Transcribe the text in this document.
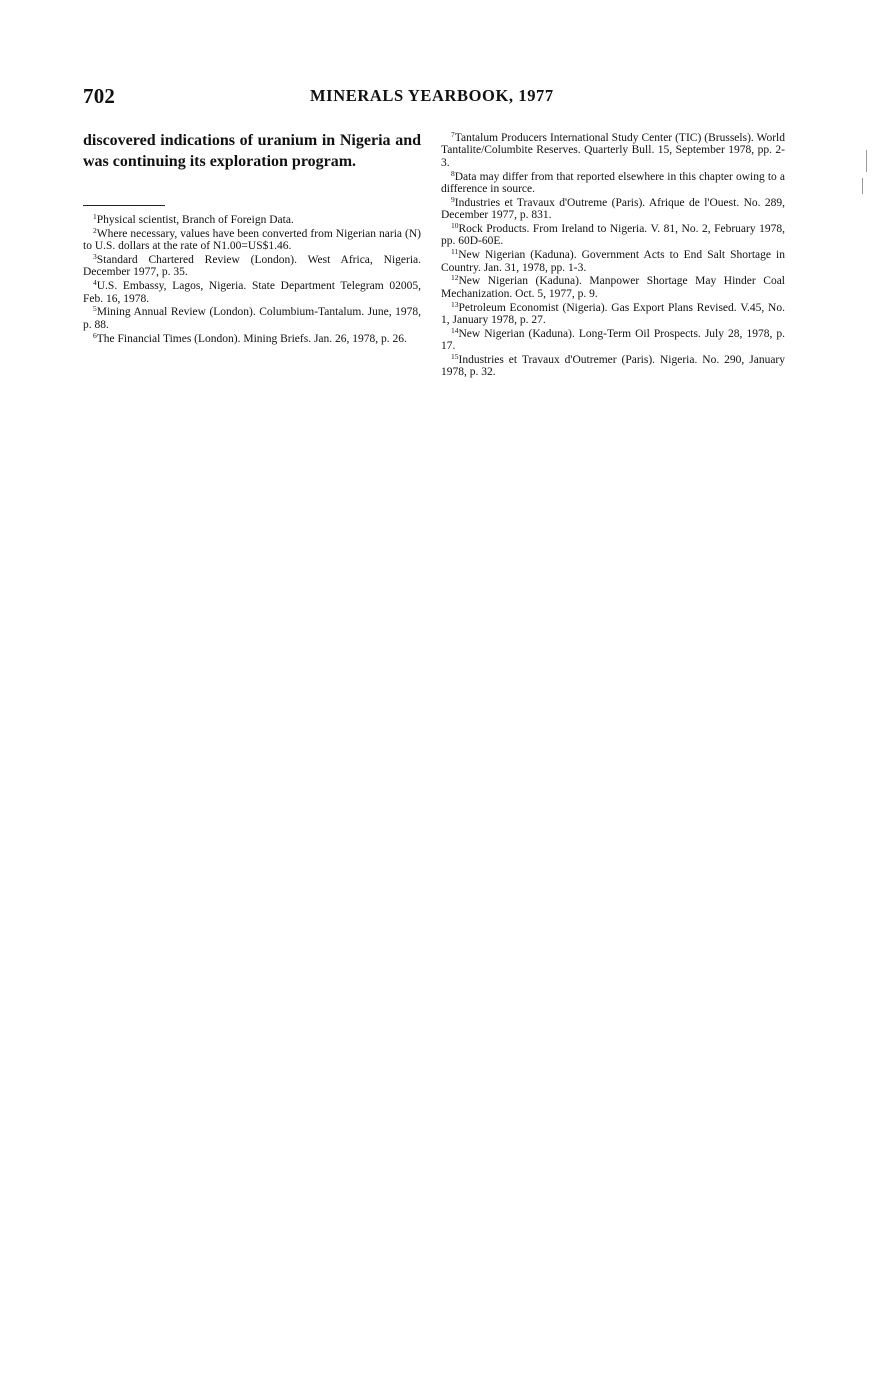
702	MINERALS YEARBOOK, 1977

discovered indications of uranium in Nigeria and was continuing its exploration program.

$^1$Physical scientist, Branch of Foreign Data.
$^2$Where necessary, values have been converted from Nigerian naria (N) to U.S. dollars at the rate of N1.00=US$1.46.
$^3$Standard Chartered Review (London). West Africa, Nigeria. December 1977, p. 35.
$^4$U.S. Embassy, Lagos, Nigeria. State Department Telegram 02005, Feb. 16, 1978.
$^5$Mining Annual Review (London). Columbium-Tantalum. June, 1978, p. 88.
$^6$The Financial Times (London). Mining Briefs. Jan. 26, 1978, p. 26.
$^7$Tantalum Producers International Study Center (TIC) (Brussels). World Tantalite/Columbite Reserves. Quarterly Bull. 15, September 1978, pp. 2-3.
$^8$Data may differ from that reported elsewhere in this chapter owing to a difference in source.
$^9$Industries et Travaux d'Outreme (Paris). Afrique de l'Ouest. No. 289, December 1977, p. 831.
$^{10}$Rock Products. From Ireland to Nigeria. V. 81, No. 2, February 1978, pp. 60D-60E.
$^{11}$New Nigerian (Kaduna). Government Acts to End Salt Shortage in Country. Jan. 31, 1978, pp. 1-3.
$^{12}$New Nigerian (Kaduna). Manpower Shortage May Hinder Coal Mechanization. Oct. 5, 1977, p. 9.
$^{13}$Petroleum Economist (Nigeria). Gas Export Plans Revised. V.45, No. 1, January 1978, p. 27.
$^{14}$New Nigerian (Kaduna). Long-Term Oil Prospects. July 28, 1978, p. 17.
$^{15}$Industries et Travaux d'Outremer (Paris). Nigeria. No. 290, January 1978, p. 32.
